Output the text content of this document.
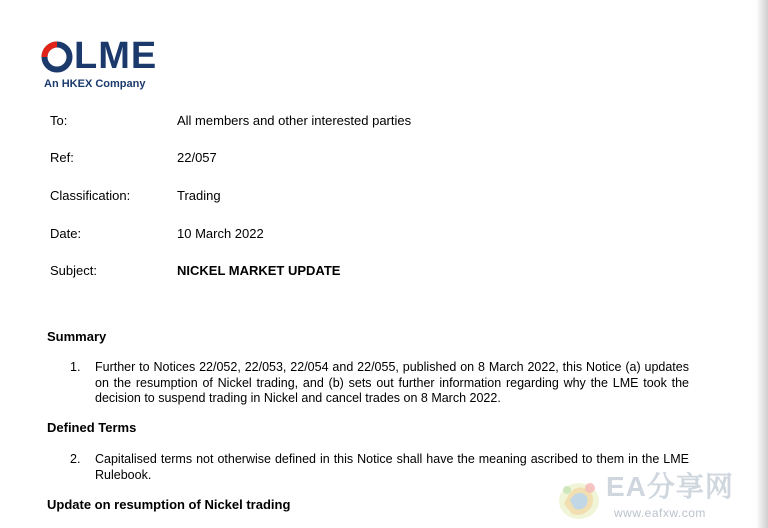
LME
An HKEX Company
To:	All members and other interested parties
Ref:	22/057
Classification:	Trading
Date:	10 March 2022
Subject:	NICKEL MARKET UPDATE
Summary
1. Further to Notices 22/052, 22/053, 22/054 and 22/055, published on 8 March 2022, this Notice (a) updates on the resumption of Nickel trading, and (b) sets out further information regarding why the LME took the decision to suspend trading in Nickel and cancel trades on 8 March 2022.
Defined Terms
2. Capitalised terms not otherwise defined in this Notice shall have the meaning ascribed to them in the LME Rulebook.
Update on resumption of Nickel trading
EA分享网
www.eafxw.com
